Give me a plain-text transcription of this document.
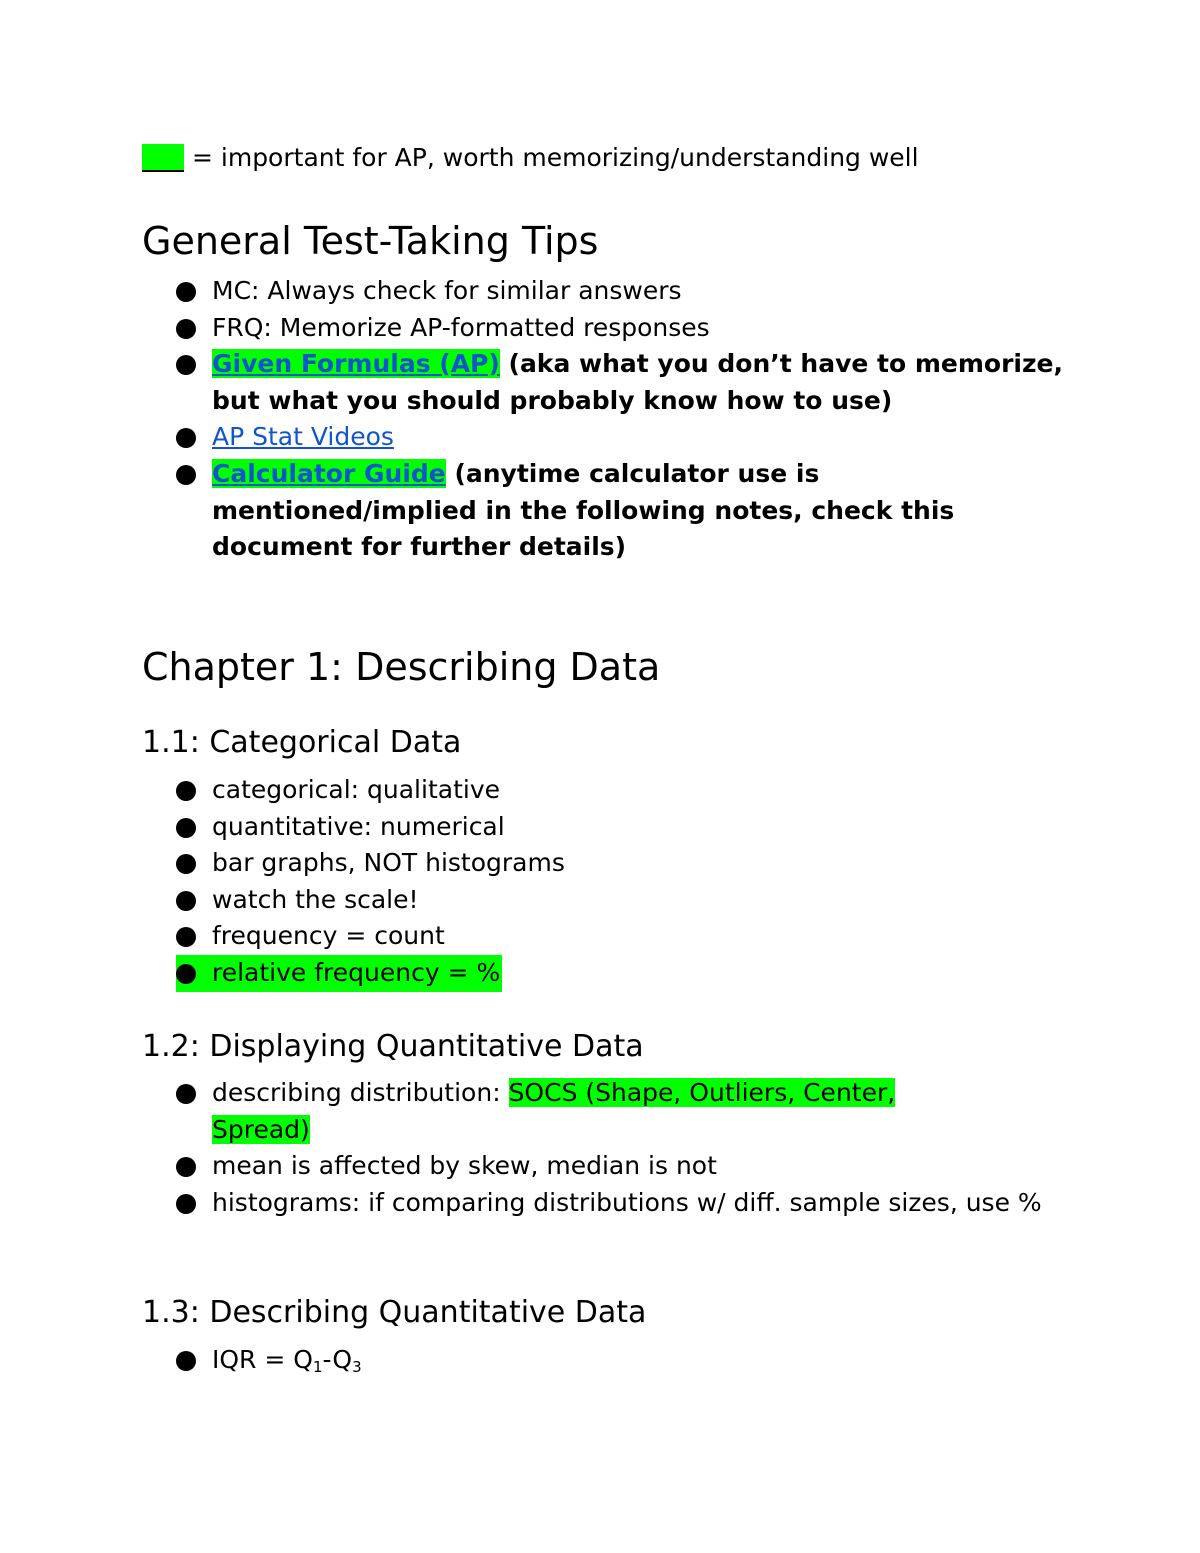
= important for AP, worth memorizing/understanding well
General Test-Taking Tips
MC: Always check for similar answers
FRQ: Memorize AP-formatted responses
Given Formulas (AP) (aka what you don’t have to memorize, but what you should probably know how to use)
AP Stat Videos
Calculator Guide (anytime calculator use is mentioned/implied in the following notes, check this document for further details)
Chapter 1: Describing Data
1.1: Categorical Data
categorical: qualitative
quantitative: numerical
bar graphs, NOT histograms
watch the scale!
frequency = count
relative frequency = %
1.2: Displaying Quantitative Data
describing distribution: SOCS (Shape, Outliers, Center,
Spread)
mean is affected by skew, median is not
histograms: if comparing distributions w/ diff. sample sizes, use %
1.3: Describing Quantitative Data
IQR = $Q_1-Q_3$
